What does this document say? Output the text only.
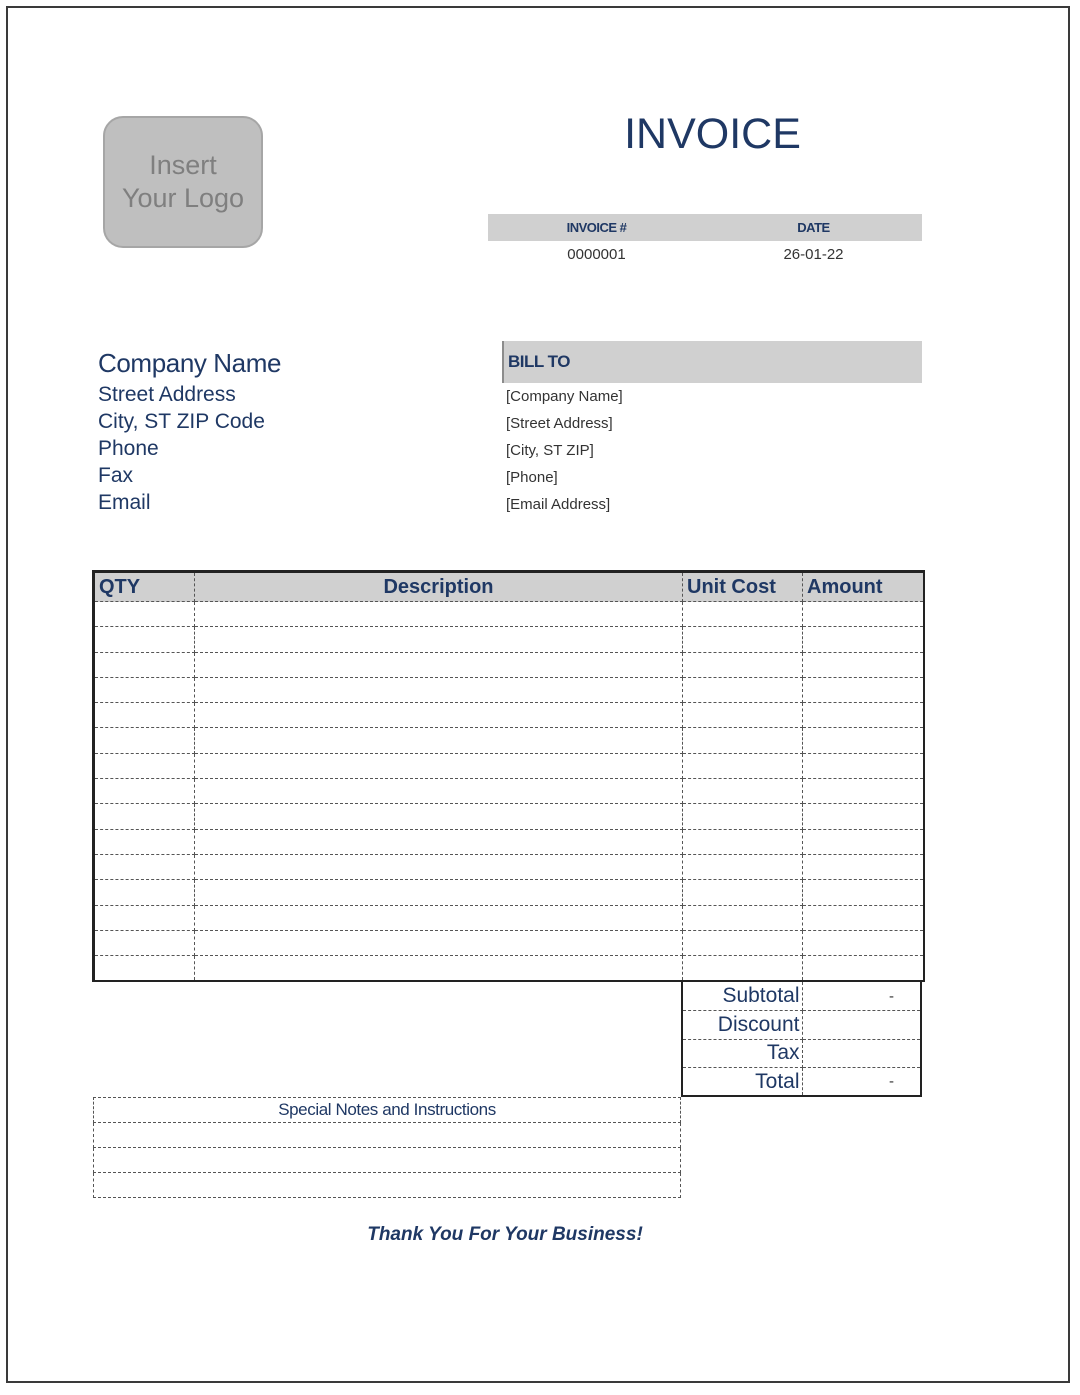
Insert
Your Logo
INVOICE
INVOICE #	DATE
0000001	26-01-22
Company Name
Street Address
City, ST ZIP Code
Phone
Fax
Email
BILL TO
[Company Name]
[Street Address]
[City, ST ZIP]
[Phone]
[Email Address]
QTY	Description	Unit Cost	Amount

Subtotal	-
Discount	
Tax	
Total	-
Special Notes and Instructions

Thank You For Your Business!
